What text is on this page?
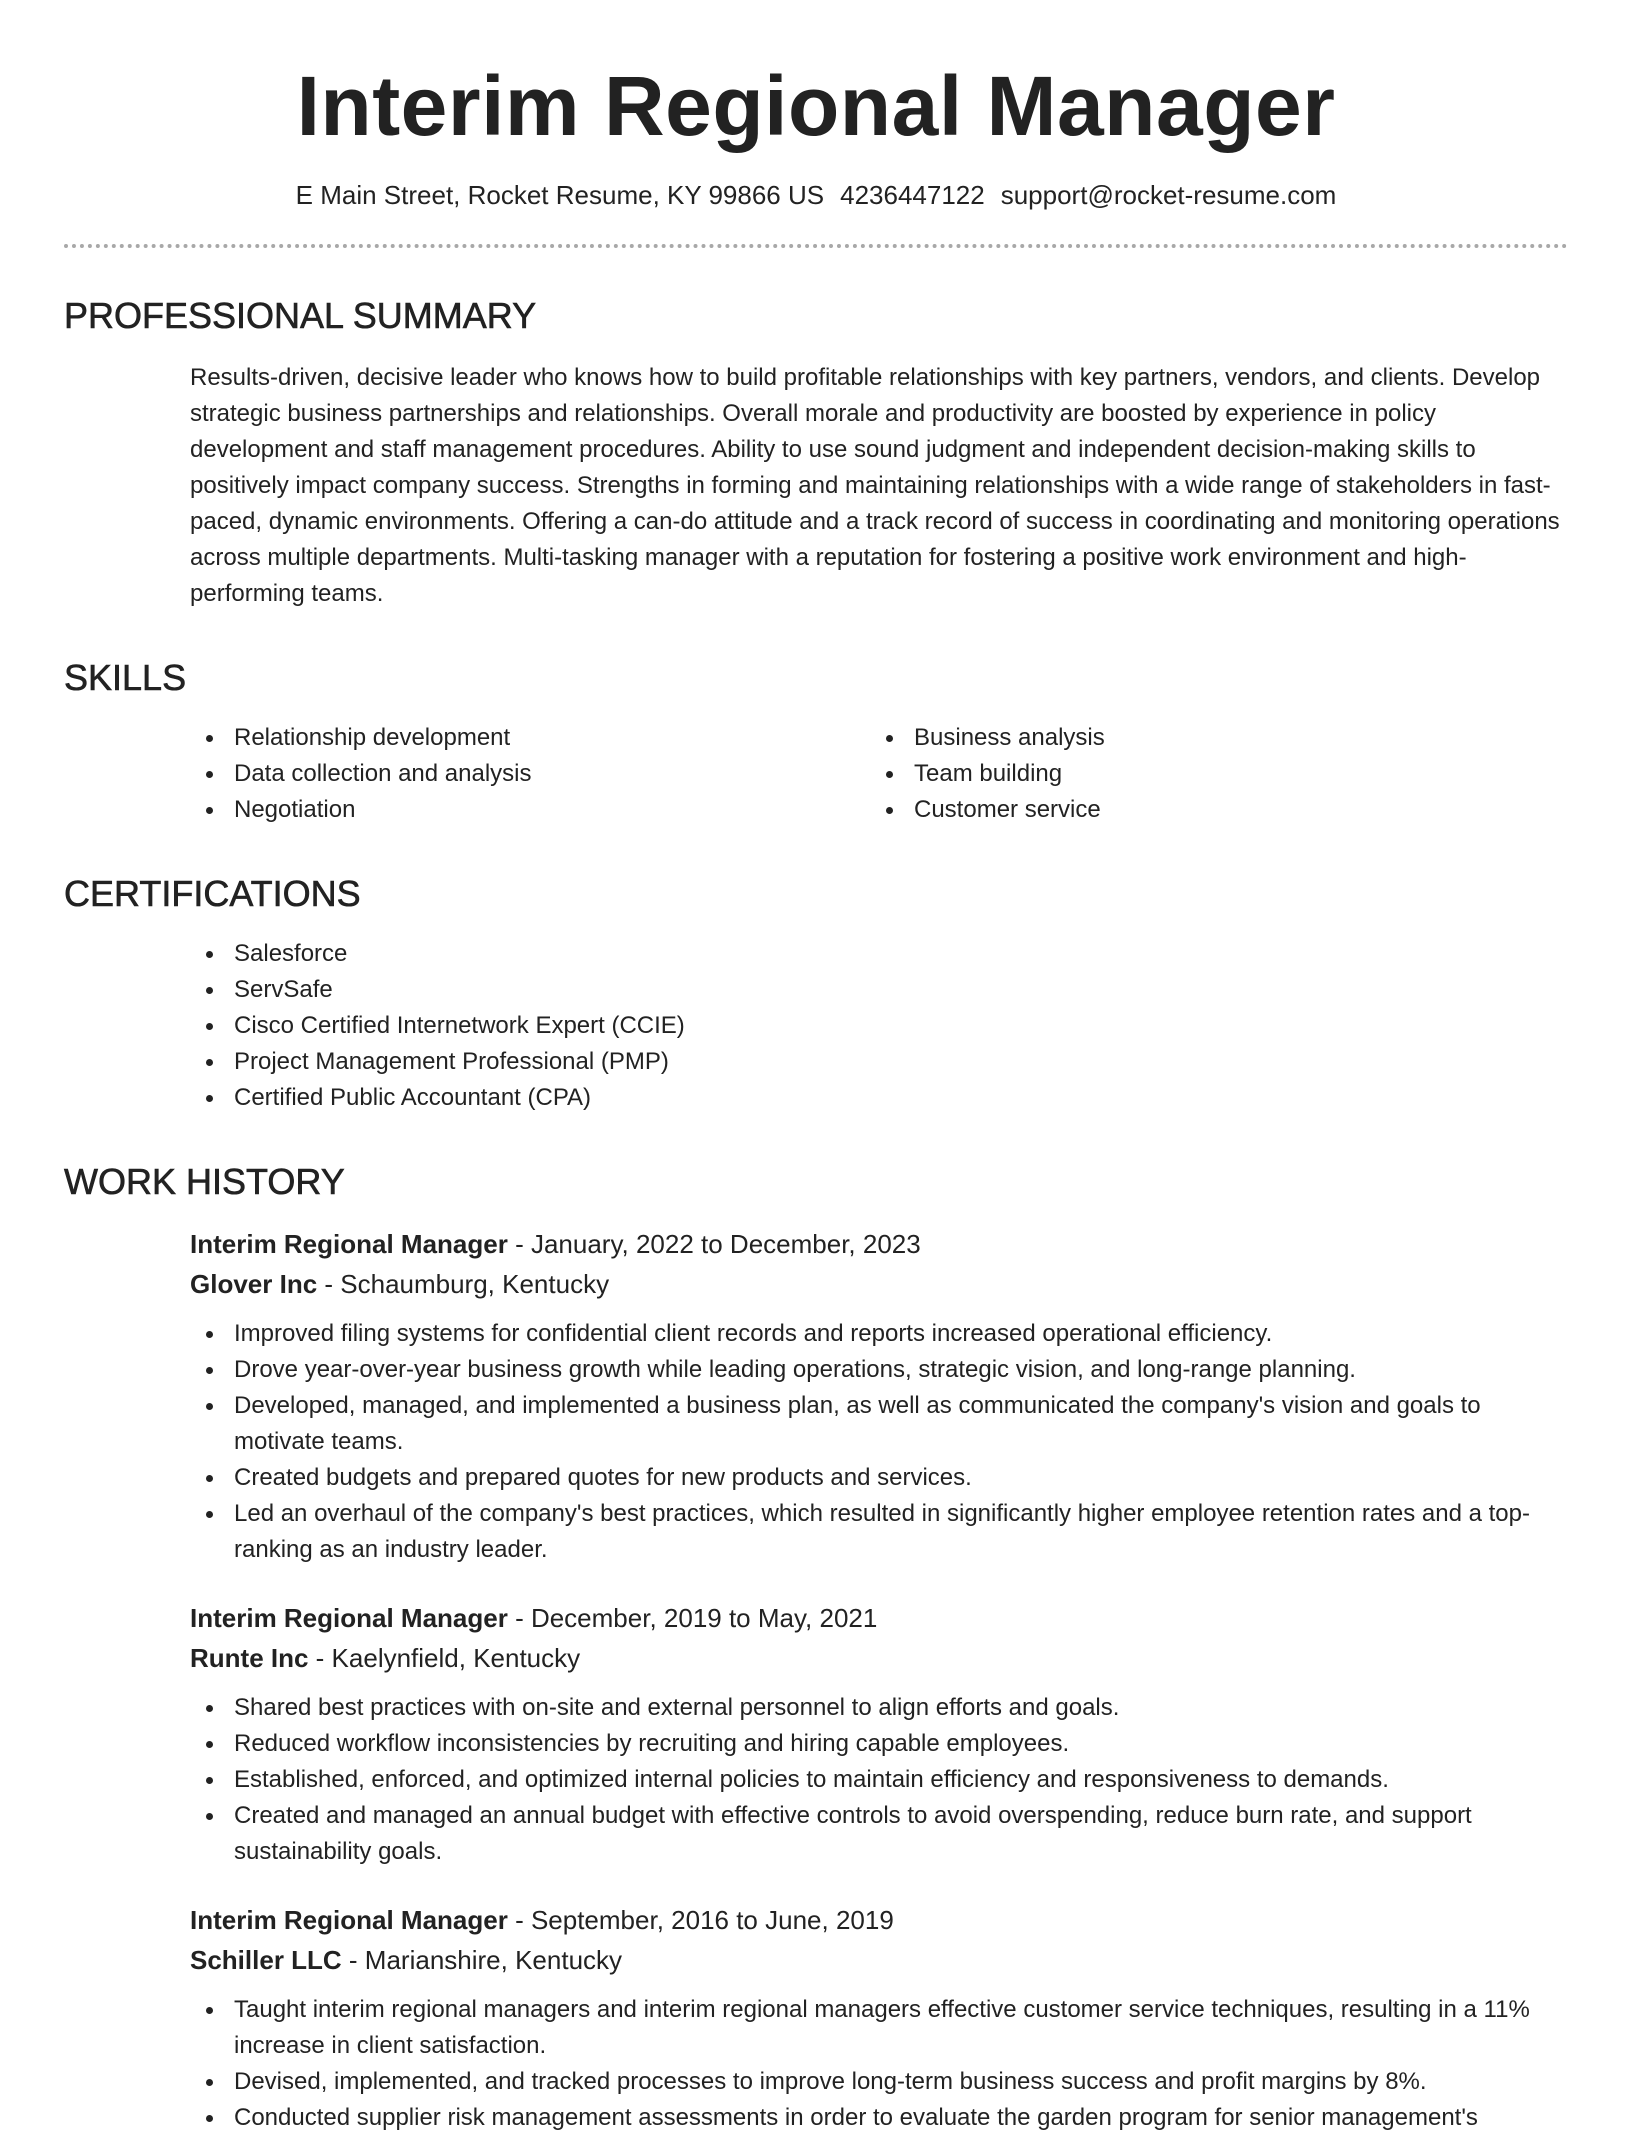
Interim Regional Manager
E Main Street, Rocket Resume, KY 99866 US 4236447122 support@rocket-resume.com
PROFESSIONAL SUMMARY
Results-driven, decisive leader who knows how to build profitable relationships with key partners, vendors, and clients. Develop strategic business partnerships and relationships. Overall morale and productivity are boosted by experience in policy development and staff management procedures. Ability to use sound judgment and independent decision-making skills to positively impact company success. Strengths in forming and maintaining relationships with a wide range of stakeholders in fast-paced, dynamic environments. Offering a can-do attitude and a track record of success in coordinating and monitoring operations across multiple departments. Multi-tasking manager with a reputation for fostering a positive work environment and high-performing teams.
SKILLS
Relationship development
Data collection and analysis
Negotiation
Business analysis
Team building
Customer service
CERTIFICATIONS
Salesforce
ServSafe
Cisco Certified Internetwork Expert (CCIE)
Project Management Professional (PMP)
Certified Public Accountant (CPA)
WORK HISTORY
Interim Regional Manager - January, 2022 to December, 2023
Glover Inc - Schaumburg, Kentucky
Improved filing systems for confidential client records and reports increased operational efficiency.
Drove year-over-year business growth while leading operations, strategic vision, and long-range planning.
Developed, managed, and implemented a business plan, as well as communicated the company's vision and goals to motivate teams.
Created budgets and prepared quotes for new products and services.
Led an overhaul of the company's best practices, which resulted in significantly higher employee retention rates and a top-ranking as an industry leader.
Interim Regional Manager - December, 2019 to May, 2021
Runte Inc - Kaelynfield, Kentucky
Shared best practices with on-site and external personnel to align efforts and goals.
Reduced workflow inconsistencies by recruiting and hiring capable employees.
Established, enforced, and optimized internal policies to maintain efficiency and responsiveness to demands.
Created and managed an annual budget with effective controls to avoid overspending, reduce burn rate, and support sustainability goals.
Interim Regional Manager - September, 2016 to June, 2019
Schiller LLC - Marianshire, Kentucky
Taught interim regional managers and interim regional managers effective customer service techniques, resulting in a 11% increase in client satisfaction.
Devised, implemented, and tracked processes to improve long-term business success and profit margins by 8%.
Conducted supplier risk management assessments in order to evaluate the garden program for senior management's
